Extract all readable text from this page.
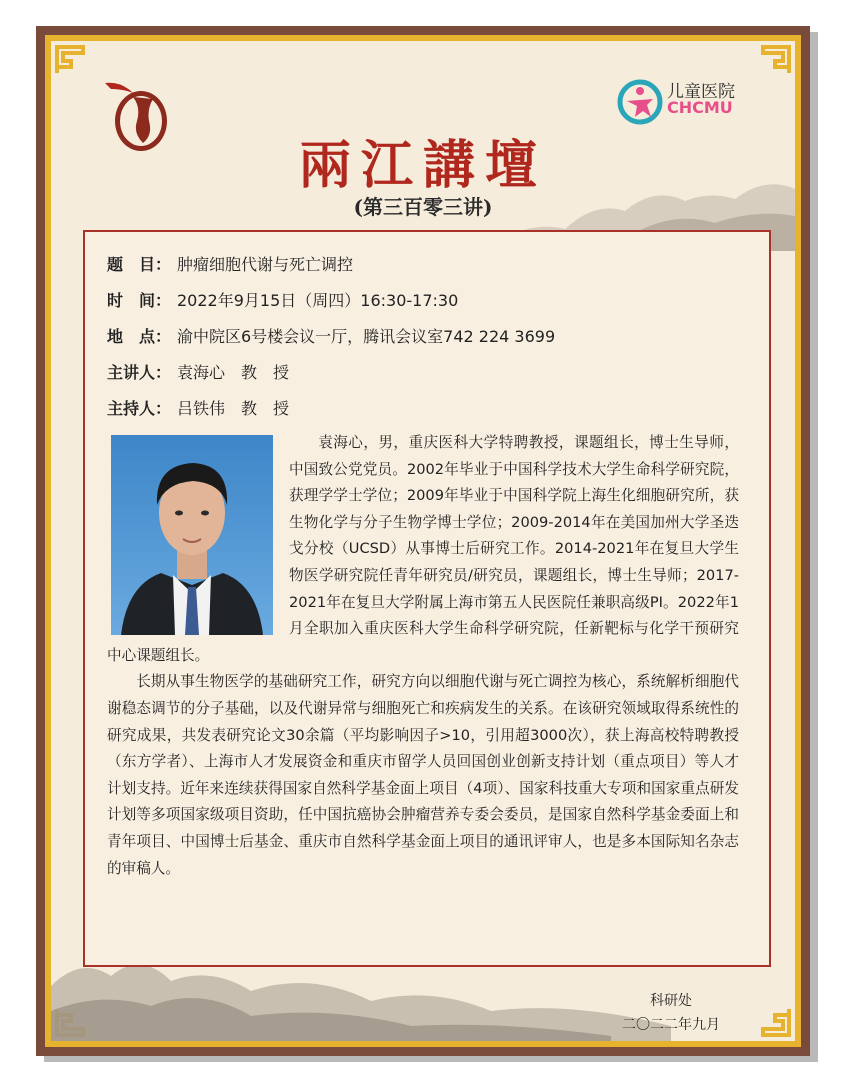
儿童医院
CHCMU
兩江講壇
(第三百零三讲)
题　目： 肿瘤细胞代谢与死亡调控
时　间： 2022年9月15日（周四）16:30-17:30
地　点： 渝中院区6号楼会议一厅，腾讯会议室742 224 3699
主讲人： 袁海心　教　授
主持人： 吕铁伟　教　授

袁海心，男，重庆医科大学特聘教授，课题组长，博士生导师，中国致公党党员。2002年毕业于中国科学技术大学生命科学研究院，获理学学士学位；2009年毕业于中国科学院上海生化细胞研究所，获生物化学与分子生物学博士学位；2009-2014年在美国加州大学圣迭戈分校（UCSD）从事博士后研究工作。2014-2021年在复旦大学生物医学研究院任青年研究员/研究员，课题组长，博士生导师；2017-2021年在复旦大学附属上海市第五人民医院任兼职高级PI。2022年1月全职加入重庆医科大学生命科学研究院，任新靶标与化学干预研究中心课题组长。

长期从事生物医学的基础研究工作，研究方向以细胞代谢与死亡调控为核心，系统解析细胞代谢稳态调节的分子基础，以及代谢异常与细胞死亡和疾病发生的关系。在该研究领域取得系统性的研究成果，共发表研究论文30余篇（平均影响因子>10，引用超3000次），获上海高校特聘教授（东方学者）、上海市人才发展资金和重庆市留学人员回国创业创新支持计划（重点项目）等人才计划支持。近年来连续获得国家自然科学基金面上项目（4项）、国家科技重大专项和国家重点研发计划等多项国家级项目资助，任中国抗癌协会肿瘤营养专委会委员，是国家自然科学基金委面上和青年项目、中国博士后基金、重庆市自然科学基金面上项目的通讯评审人，也是多本国际知名杂志的审稿人。

科研处
二〇二二年九月
